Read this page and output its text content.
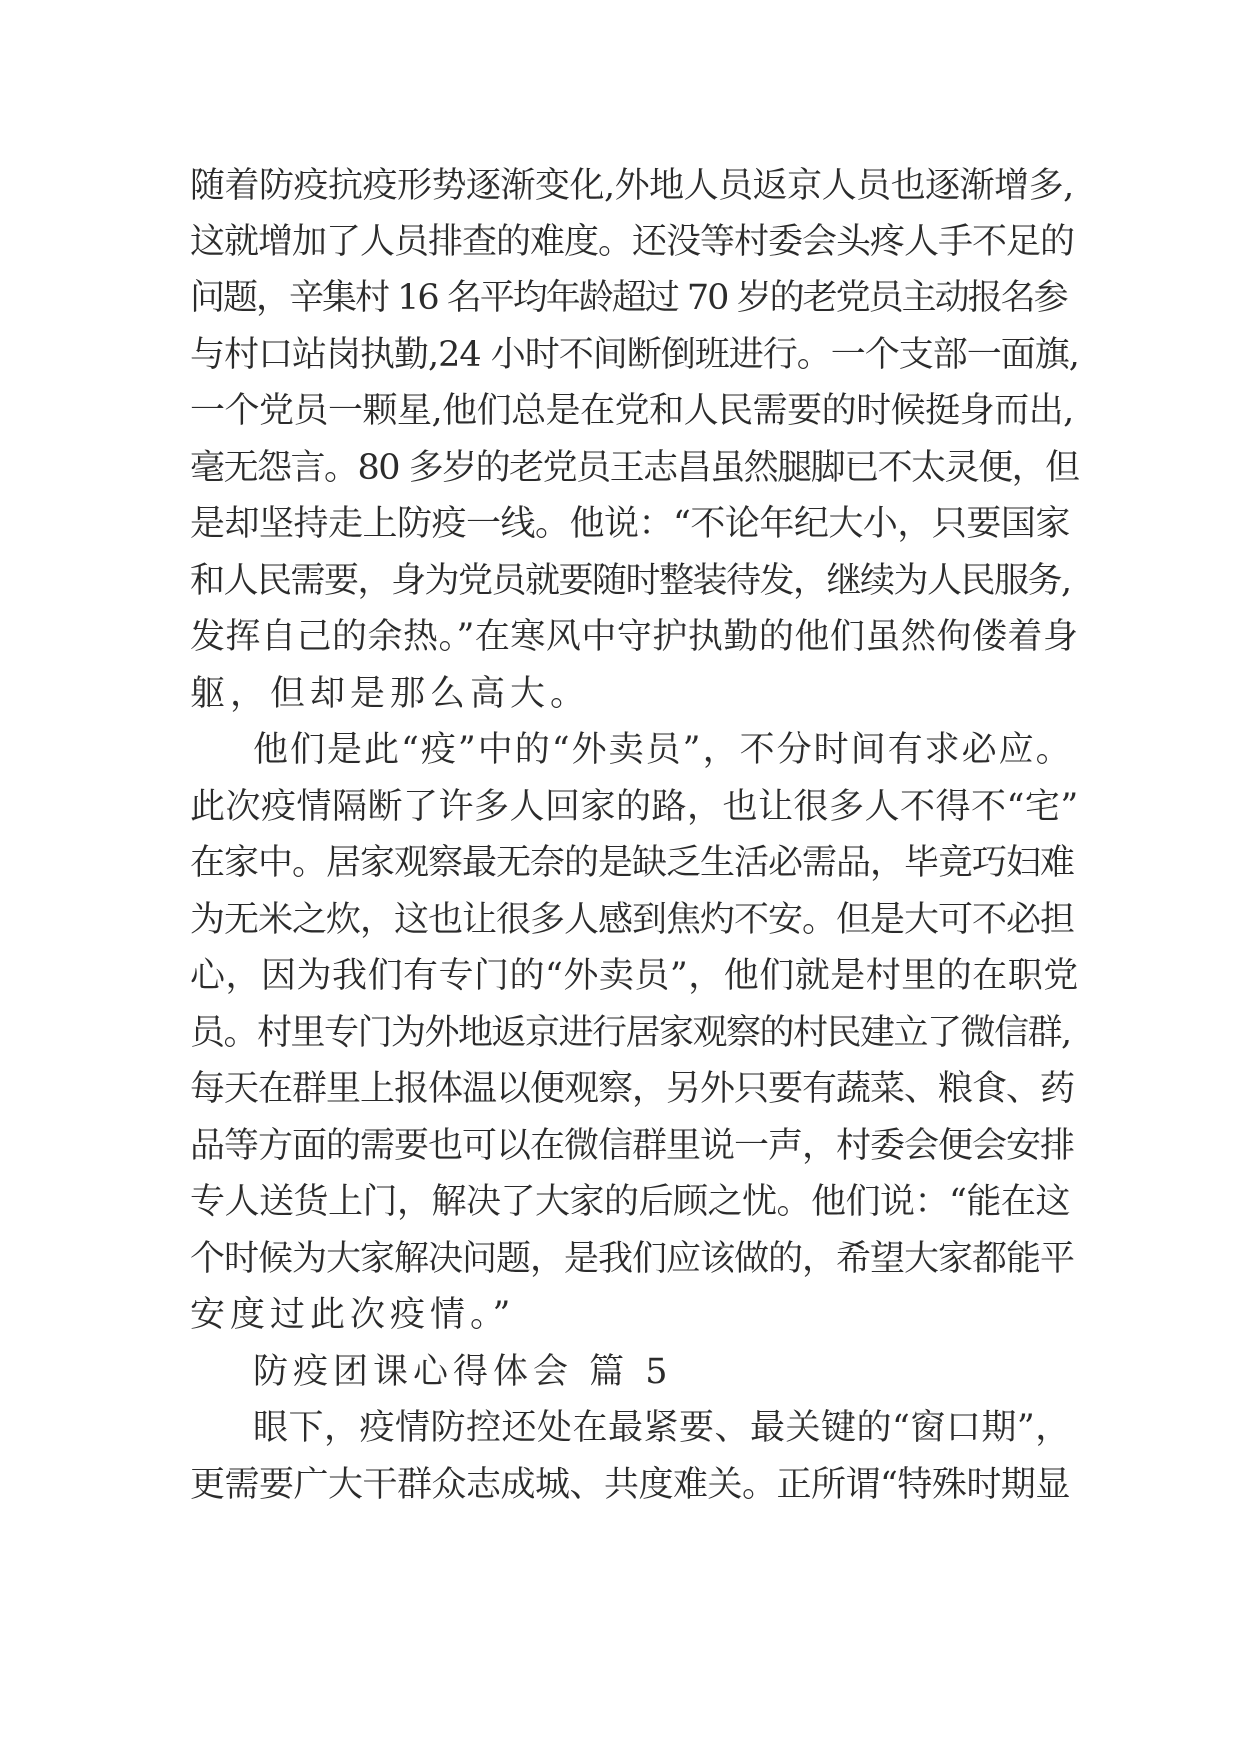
随着防疫抗疫形势逐渐变化,外地人员返京人员也逐渐增多,
这就增加了人员排查的难度。还没等村委会头疼人手不足的
问题，辛集村 16 名平均年龄超过 70 岁的老党员主动报名参
与村口站岗执勤,24 小时不间断倒班进行。一个支部一面旗,
一个党员一颗星,他们总是在党和人民需要的时候挺身而出,
毫无怨言。80 多岁的老党员王志昌虽然腿脚已不太灵便，但
是却坚持走上防疫一线。他说：“不论年纪大小，只要国家
和人民需要，身为党员就要随时整装待发，继续为人民服务,
发挥自己的余热。”在寒风中守护执勤的他们虽然佝偻着身
躯，但却是那么高大。
他们是此“疫”中的“外卖员”，不分时间有求必应。
此次疫情隔断了许多人回家的路，也让很多人不得不“宅”
在家中。居家观察最无奈的是缺乏生活必需品，毕竟巧妇难
为无米之炊，这也让很多人感到焦灼不安。但是大可不必担
心，因为我们有专门的“外卖员”，他们就是村里的在职党
员。村里专门为外地返京进行居家观察的村民建立了微信群,
每天在群里上报体温以便观察，另外只要有蔬菜、粮食、药
品等方面的需要也可以在微信群里说一声，村委会便会安排
专人送货上门，解决了大家的后顾之忧。他们说：“能在这
个时候为大家解决问题，是我们应该做的，希望大家都能平
安度过此次疫情。”
防疫团课心得体会 篇 5
眼下，疫情防控还处在最紧要、最关键的“窗口期”，
更需要广大干群众志成城、共度难关。正所谓“特殊时期显
